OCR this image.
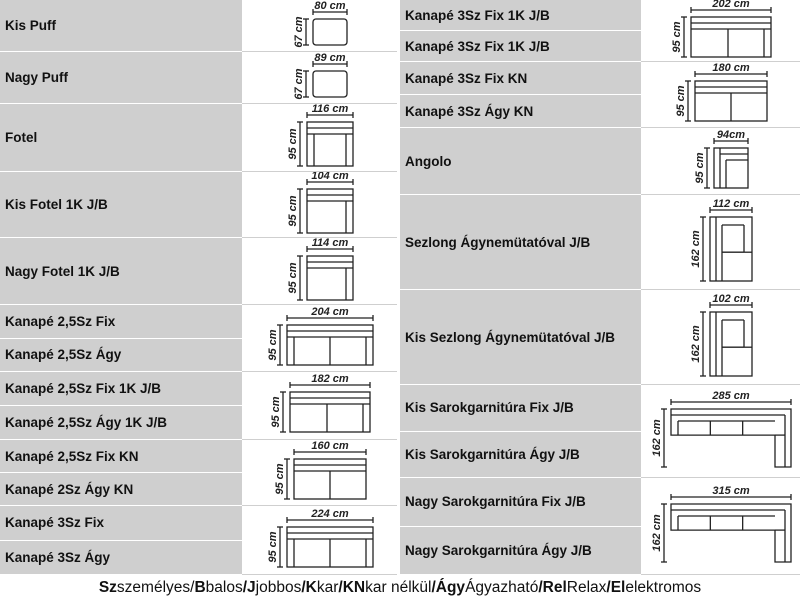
Kis Puff
80 cm
67 cm
Nagy Puff
89 cm
67 cm
Fotel
116 cm
95 cm
Kis Fotel 1K J/B
104 cm
95 cm
Nagy Fotel 1K J/B
114 cm
95 cm
Kanapé 2,5Sz Fix
Kanapé 2,5Sz Ágy
204 cm
95 cm
Kanapé 2,5Sz Fix 1K J/B
Kanapé 2,5Sz Ágy 1K J/B
182 cm
95 cm
Kanapé 2,5Sz Fix KN
Kanapé 2Sz Ágy KN
160 cm
95 cm
Kanapé 3Sz Fix
Kanapé 3Sz Ágy
224 cm
95 cm
Kanapé 3Sz Fix 1K J/B
Kanapé 3Sz Fix 1K J/B
202 cm
95 cm
Kanapé 3Sz Fix KN
Kanapé 3Sz Ágy KN
180 cm
95 cm
Angolo
94cm
95 cm
Sezlong Ágynemütatóval J/B
112 cm
162 cm
Kis Sezlong Ágynemütatóval J/B
102 cm
162 cm
Kis Sarokgarnitúra Fix J/B
Kis Sarokgarnitúra Ágy J/B
285 cm
162 cm
Nagy Sarokgarnitúra Fix J/B
Nagy Sarokgarnitúra Ágy J/B
315 cm
162 cm
Sz személyes/ B balos / J jobbos / K kar / KN kar nélkül / Ágy Ágyazható / Rel Relax / El elektromos
